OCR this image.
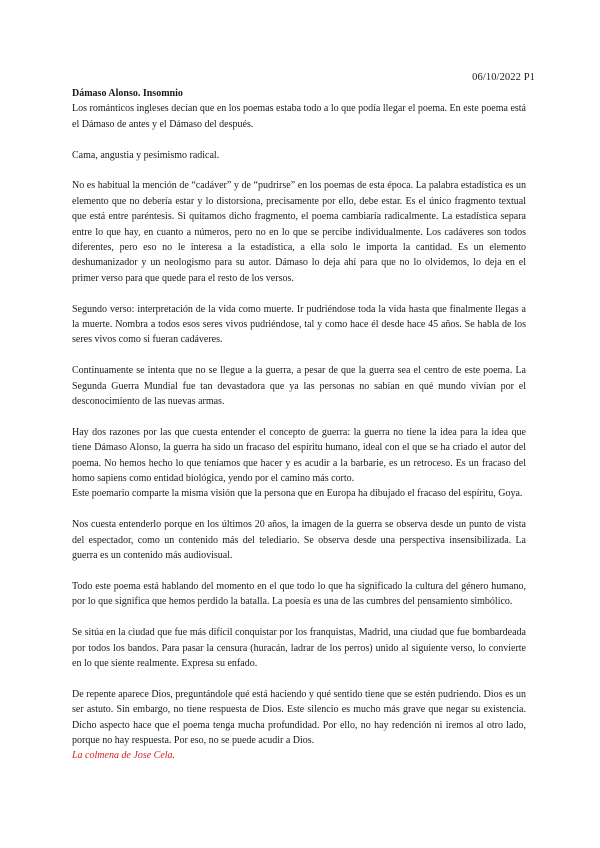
06/10/2022 P1

Dámaso Alonso. Insomnio

Los románticos ingleses decían que en los poemas estaba todo a lo que podía llegar el poema. En este poema está el Dámaso de antes y el Dámaso del después.

Cama, angustia y pesimismo radical.

No es habitual la mención de “cadáver” y de “pudrirse” en los poemas de esta época. La palabra estadística es un elemento que no debería estar y lo distorsiona, precisamente por ello, debe estar. Es el único fragmento textual que está entre paréntesis. Si quitamos dicho fragmento, el poema cambiaría radicalmente. La estadística separa entre lo que hay, en cuanto a números, pero no en lo que se percibe individualmente. Los cadáveres son todos diferentes, pero eso no le interesa a la estadística, a ella solo le importa la cantidad. Es un elemento deshumanizador y un neologismo para su autor. Dámaso lo deja ahí para que no lo olvidemos, lo deja en el primer verso para que quede para el resto de los versos.

Segundo verso: interpretación de la vida como muerte. Ir pudriéndose toda la vida hasta que finalmente llegas a la muerte. Nombra a todos esos seres vivos pudriéndose, tal y como hace él desde hace 45 años. Se habla de los seres vivos como si fueran cadáveres.

Continuamente se intenta que no se llegue a la guerra, a pesar de que la guerra sea el centro de este poema. La Segunda Guerra Mundial fue tan devastadora que ya las personas no sabían en qué mundo vivían por el desconocimiento de las nuevas armas.

Hay dos razones por las que cuesta entender el concepto de guerra: la guerra no tiene la idea para la idea que tiene Dámaso Alonso, la guerra ha sido un fracaso del espíritu humano, ideal con el que se ha criado el autor del poema. No hemos hecho lo que teníamos que hacer y es acudir a la barbarie, es un retroceso. Es un fracaso del homo sapiens como entidad biológica, yendo por el camino más corto.

Este poemario comparte la misma visión que la persona que en Europa ha dibujado el fracaso del espíritu, Goya.

Nos cuesta entenderlo porque en los últimos 20 años, la imagen de la guerra se observa desde un punto de vista del espectador, como un contenido más del telediario. Se observa desde una perspectiva insensibilizada. La guerra es un contenido más audiovisual.

Todo este poema está hablando del momento en el que todo lo que ha significado la cultura del género humano, por lo que significa que hemos perdido la batalla. La poesía es una de las cumbres del pensamiento simbólico.

Se sitúa en la ciudad que fue más difícil conquistar por los franquistas, Madrid, una ciudad que fue bombardeada por todos los bandos. Para pasar la censura (huracán, ladrar de los perros) unido al siguiente verso, lo convierte en lo que siente realmente. Expresa su enfado.

De repente aparece Dios, preguntándole qué está haciendo y qué sentido tiene que se estén pudriendo. Dios es un ser astuto. Sin embargo, no tiene respuesta de Dios. Este silencio es mucho más grave que negar su existencia. Dicho aspecto hace que el poema tenga mucha profundidad. Por ello, no hay redención ni iremos al otro lado, porque no hay respuesta. Por eso, no se puede acudir a Dios.

La colmena de Jose Cela.
